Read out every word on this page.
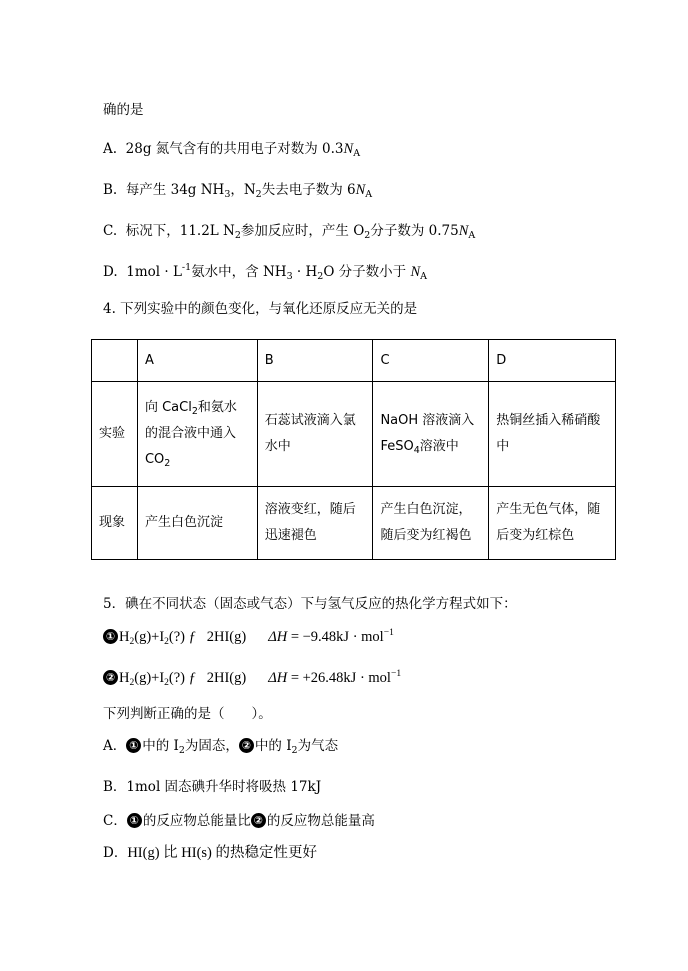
确的是
A. 28g 氮气含有的共用电子对数为 $0.3N_A$
B. 每产生 34g $NH_3$，$N_2$失去电子数为 $6N_A$
C. 标况下，11.2L $N_2$参加反应时，产生 $O_2$分子数为 $0.75N_A$
D. $1mol \cdot L^{-1}$氨水中，含 $NH_3 \cdot H_2O$ 分子数小于 $N_A$
4. 下列实验中的颜色变化，与氧化还原反应无关的是
	A	B	C	D
实验	向 CaCl$_2$和氨水的混合液中通入 $CO_2$	石蕊试液滴入氯水中	NaOH 溶液滴入 FeSO$_4$溶液中	热铜丝插入稀硝酸中
现象	产生白色沉淀	溶液变红，随后迅速褪色	产生白色沉淀，随后变为红褐色	产生无色气体，随后变为红棕色
5．碘在不同状态（固态或气态）下与氢气反应的热化学方程式如下：
① $H_2(g)+I_2(?)$ ƒ 2HI(g) ΔH = −9.48kJ · mol$^{-1}$
② $H_2(g)+I_2(?)$ ƒ 2HI(g) ΔH = +26.48kJ · mol$^{-1}$
下列判断正确的是（　　）。
A． ① 中的 $I_2$为固态， ② 中的 $I_2$为气态
B．1mol 固态碘升华时将吸热 17kJ
C． ① 的反应物总能量比 ② 的反应物总能量高
D．HI(g) 比 HI(s) 的热稳定性更好
